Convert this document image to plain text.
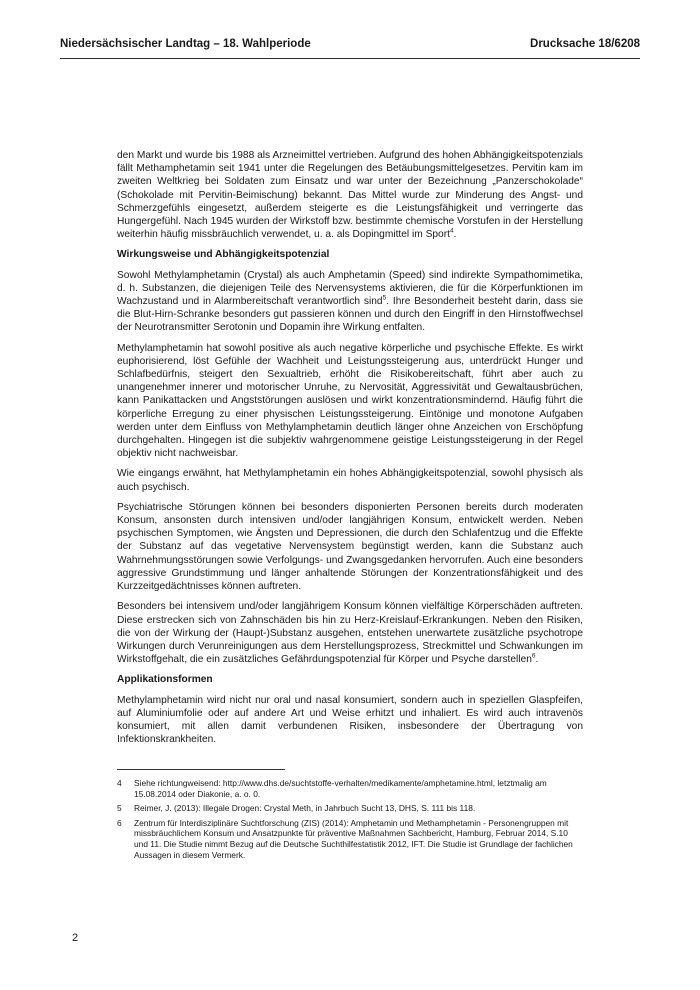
Niedersächsischer Landtag – 18. Wahlperiode	Drucksache 18/6208

den Markt und wurde bis 1988 als Arzneimittel vertrieben. Aufgrund des hohen Abhängigkeitspotenzials fällt Methamphetamin seit 1941 unter die Regelungen des Betäubungsmittelgesetzes. Pervitin kam im zweiten Weltkrieg bei Soldaten zum Einsatz und war unter der Bezeichnung „Panzerschokolade“ (Schokolade mit Pervitin-Beimischung) bekannt. Das Mittel wurde zur Minderung des Angst- und Schmerzgefühls eingesetzt, außerdem steigerte es die Leistungsfähigkeit und verringerte das Hungergefühl. Nach 1945 wurden der Wirkstoff bzw. bestimmte chemische Vorstufen in der Herstellung weiterhin häufig missbräuchlich verwendet, u. a. als Dopingmittel im Sport$^4$.

Wirkungsweise und Abhängigkeitspotenzial

Sowohl Methylamphetamin (Crystal) als auch Amphetamin (Speed) sind indirekte Sympathomimetika, d. h. Substanzen, die diejenigen Teile des Nervensystems aktivieren, die für die Körperfunktionen im Wachzustand und in Alarmbereitschaft verantwortlich sind$^5$. Ihre Besonderheit besteht darin, dass sie die Blut-Hirn-Schranke besonders gut passieren können und durch den Eingriff in den Hirnstoffwechsel der Neurotransmitter Serotonin und Dopamin ihre Wirkung entfalten.

Methylamphetamin hat sowohl positive als auch negative körperliche und psychische Effekte. Es wirkt euphorisierend, löst Gefühle der Wachheit und Leistungssteigerung aus, unterdrückt Hunger und Schlafbedürfnis, steigert den Sexualtrieb, erhöht die Risikobereitschaft, führt aber auch zu unangenehmer innerer und motorischer Unruhe, zu Nervosität, Aggressivität und Gewaltausbrüchen, kann Panikattacken und Angststörungen auslösen und wirkt konzentrationsmindernd. Häufig führt die körperliche Erregung zu einer physischen Leistungssteigerung. Eintönige und monotone Aufgaben werden unter dem Einfluss von Methylamphetamin deutlich länger ohne Anzeichen von Erschöpfung durchgehalten. Hingegen ist die subjektiv wahrgenommene geistige Leistungssteigerung in der Regel objektiv nicht nachweisbar.

Wie eingangs erwähnt, hat Methylamphetamin ein hohes Abhängigkeitspotenzial, sowohl physisch als auch psychisch.

Psychiatrische Störungen können bei besonders disponierten Personen bereits durch moderaten Konsum, ansonsten durch intensiven und/oder langjährigen Konsum, entwickelt werden. Neben psychischen Symptomen, wie Ängsten und Depressionen, die durch den Schlafentzug und die Effekte der Substanz auf das vegetative Nervensystem begünstigt werden, kann die Substanz auch Wahrnehmungsstörungen sowie Verfolgungs- und Zwangsgedanken hervorrufen. Auch eine besonders aggressive Grundstimmung und länger anhaltende Störungen der Konzentrationsfähigkeit und des Kurzzeitgedächtnisses können auftreten.

Besonders bei intensivem und/oder langjährigem Konsum können vielfältige Körperschäden auftreten. Diese erstrecken sich von Zahnschäden bis hin zu Herz-Kreislauf-Erkrankungen. Neben den Risiken, die von der Wirkung der (Haupt-)Substanz ausgehen, entstehen unerwartete zusätzliche psychotrope Wirkungen durch Verunreinigungen aus dem Herstellungsprozess, Streckmittel und Schwankungen im Wirkstoffgehalt, die ein zusätzliches Gefährdungspotenzial für Körper und Psyche darstellen$^6$.

Applikationsformen

Methylamphetamin wird nicht nur oral und nasal konsumiert, sondern auch in speziellen Glaspfeifen, auf Aluminiumfolie oder auf andere Art und Weise erhitzt und inhaliert. Es wird auch intravenös konsumiert, mit allen damit verbundenen Risiken, insbesondere der Übertragung von Infektionskrankheiten.

4	Siehe richtungweisend: http://www.dhs.de/suchtstoffe-verhalten/medikamente/amphetamine.html, letztmalig am 15.08.2014 oder Diakonie, a. o. 0.
5	Reimer, J. (2013): Illegale Drogen: Crystal Meth, in Jahrbuch Sucht 13, DHS, S. 111 bis 118.
6	Zentrum für Interdisziplinäre Suchtforschung (ZIS) (2014): Amphetamin und Methamphetamin - Personengruppen mit missbräuchlichem Konsum und Ansatzpunkte für präventive Maßnahmen Sachbericht, Hamburg, Februar 2014, S.10 und 11. Die Studie nimmt Bezug auf die Deutsche Suchthilfestatistik 2012, IFT. Die Studie ist Grundlage der fachlichen Aussagen in diesem Vermerk.
2
